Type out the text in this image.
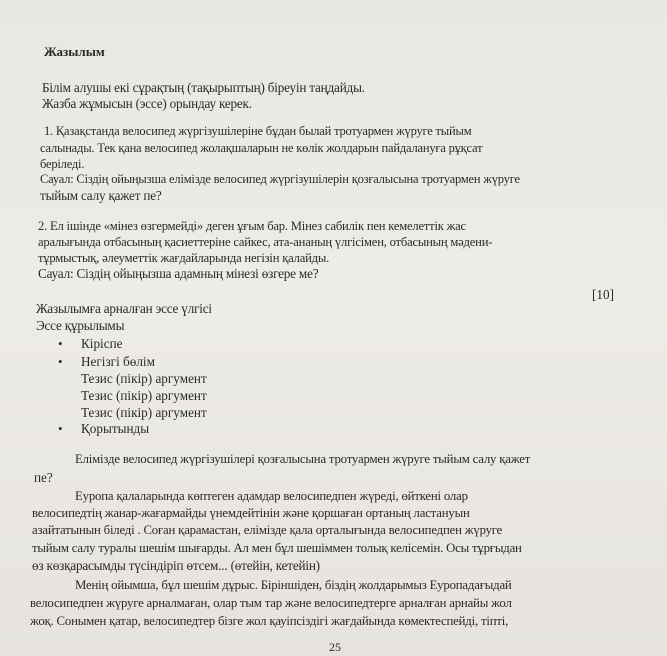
Жазылым
Білім алушы екі сұрақтың (тақырыптың) біреуін таңдайды.
Жазба жұмысын (эссе) орындау керек.
1. Қазақстанда велосипед жүргізушілеріне бұдан былай тротуармен жүруге тыйым
салынады. Тек қана велосипед жолақшаларын не көлік жолдарын пайдалануға рұқсат
беріледі.
Сауал: Сіздің ойыңызша елімізде велосипед жүргізушілерін қозғалысына тротуармен жүруге
тыйым салу қажет пе?
2. Ел ішінде «мінез өзгермейді» деген ұғым бар. Мінез сабилік пен кемелеттік жас
аралығында отбасының қасиеттеріне сайкес, ата-ананың үлгісімен, отбасының мәдени-
тұрмыстық, әлеуметтік жағдайларында негізін қалайды.
Сауал: Сіздің ойыңызша адамның мінезі өзгере ме?
[10]
Жазылымға арналған эссе үлгісі
Эссе құрылымы
• Кіріспе
• Негізгі бөлім
Тезис (пікір) аргумент
Тезис (пікір) аргумент
Тезис (пікір) аргумент
• Қорытынды
Елімізде велосипед жүргізушілері қозғалысына тротуармен жүруге тыйым салу қажет
пе?
Еуропа қалаларында көптеген адамдар велосипедпен жүреді, өйткені олар
велосипедтің жанар-жағармайды үнемдейтінін және қоршаған ортаның ластануын
азайтатынын біледі . Соған қарамастан, елімізде қала орталығында велосипедпен жүруге
тыйым салу туралы шешім шығарды. Ал мен бұл шешіммен толық келісемін. Осы тұрғыдан
өз көзқарасымды түсіндіріп өтсем... (өтейін, кетейін)
Менің ойымша, бұл шешім дұрыс. Біріншіден, біздің жолдарымыз Еуропадағыдай
велосипедпен жүруге арналмаған, олар тым тар және велосипедтерге арналған арнайы жол
жоқ. Сонымен қатар, велосипедтер бізге жол қауіпсіздігі жағдайында көмектеспейді, тіпті,
25
